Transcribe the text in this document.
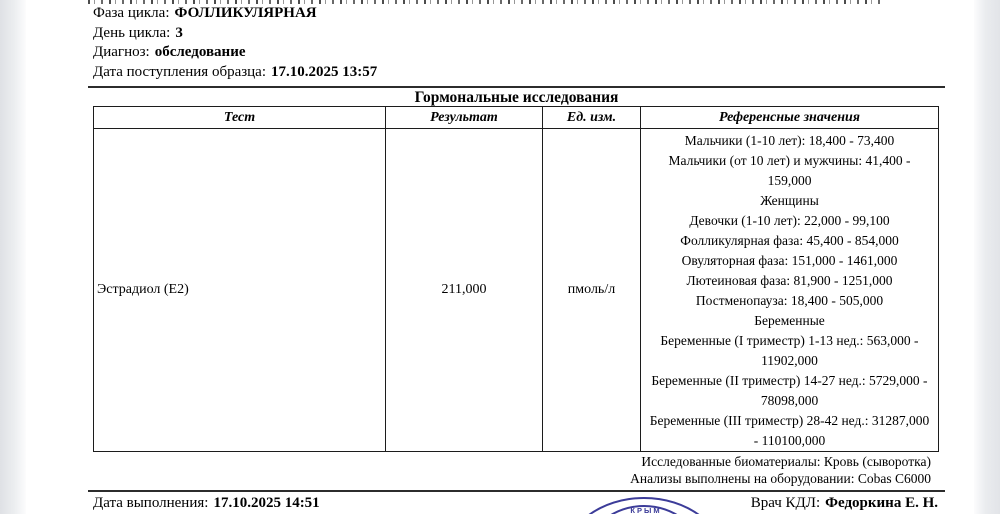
Фаза цикла: ФОЛЛИКУЛЯРНАЯ
День цикла: 3
Диагноз: обследование
Дата поступления образца: 17.10.2025 13:57
Гормональные исследования
Тест	Результат	Ед. изм.	Референсные значения
Эстрадиол (Е2)	211,000	пмоль/л	
Мальчики (1-10 лет): 18,400 - 73,400
Мальчики (от 10 лет) и мужчины: 41,400 - 159,000
Женщины
Девочки (1-10 лет): 22,000 - 99,100
Фолликулярная фаза: 45,400 - 854,000
Овуляторная фаза: 151,000 - 1461,000
Лютеиновая фаза: 81,900 - 1251,000
Постменопауза: 18,400 - 505,000
Беременные
Беременные (I триместр) 1-13 нед.: 563,000 - 11902,000
Беременные (II триместр) 14-27 нед.: 5729,000 - 78098,000
Беременные (III триместр) 28-42 нед.: 31287,000 - 110100,000
Исследованные биоматериалы: Кровь (сыворотка)
Анализы выполнены на оборудовании: Cobas C6000
Дата выполнения: 17.10.2025 14:51	Врач КДЛ: Федоркина Е. Н.
КРЫМ
